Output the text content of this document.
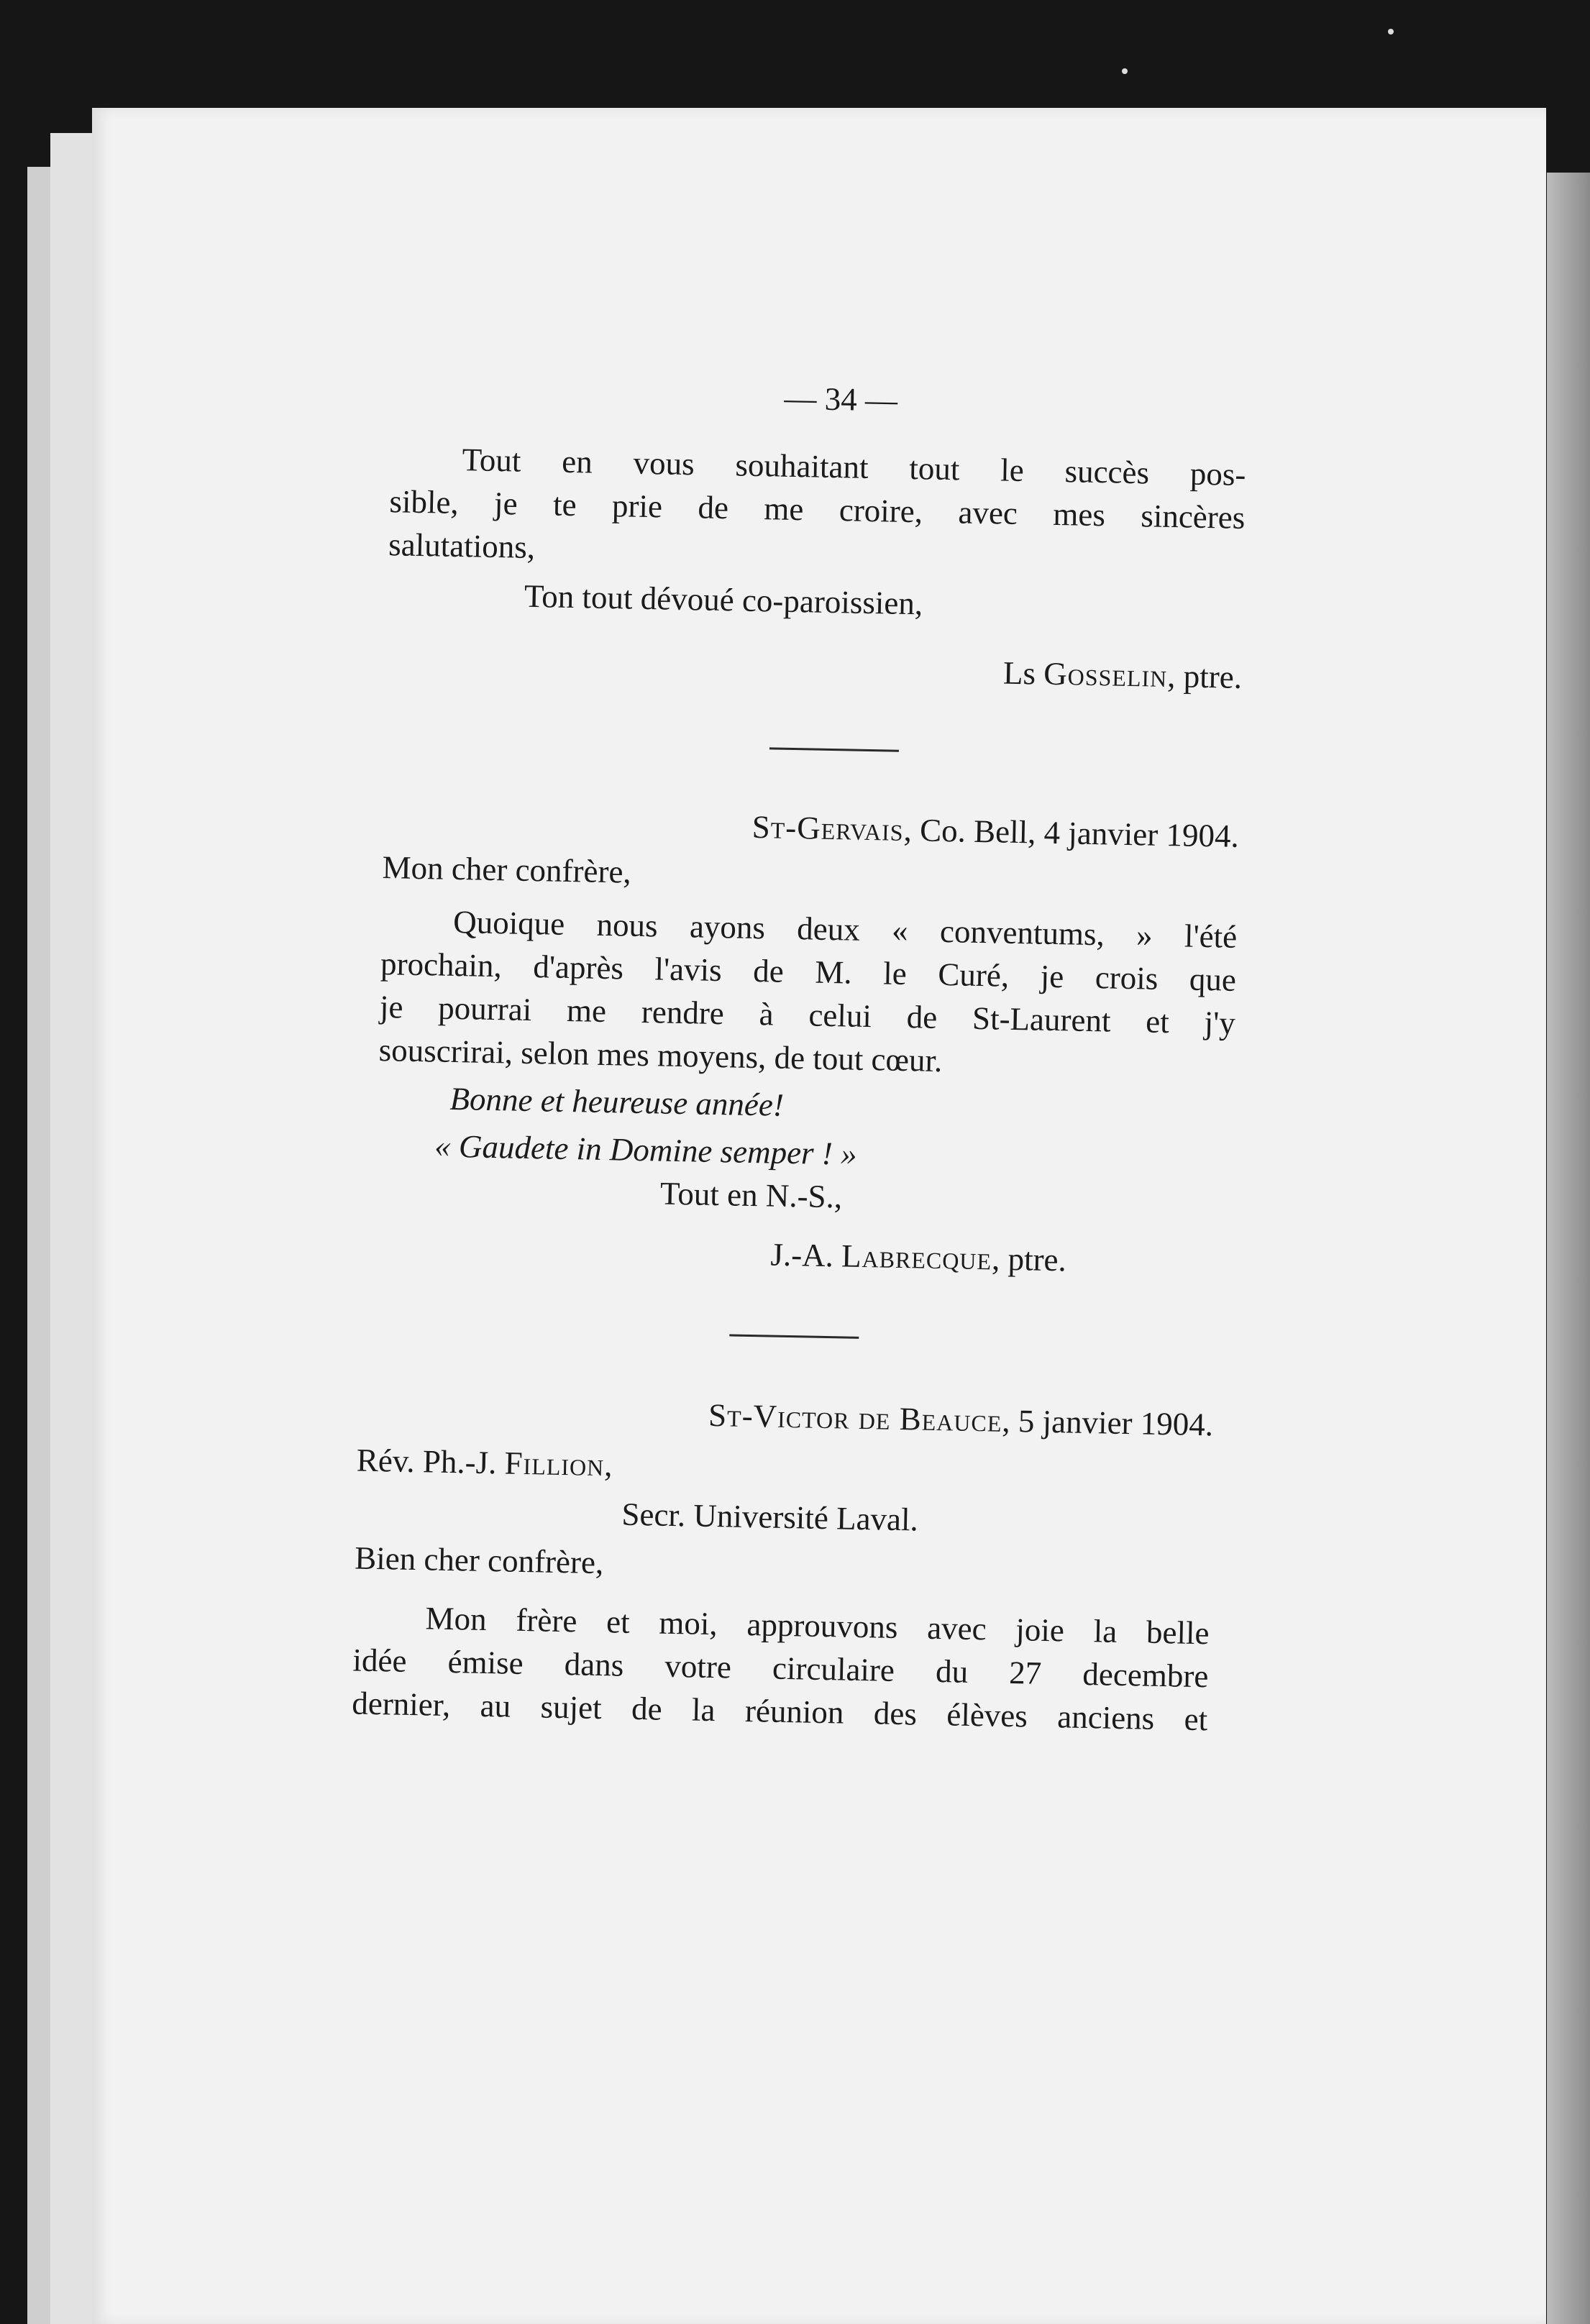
— 34 —
Tout en vous souhaitant tout le succès pos-
sible, je te prie de me croire, avec mes sincères
salutations,
Ton tout dévoué co-paroissien,
Ls Gosselin, ptre.
St-Gervais, Co. Bell, 4 janvier 1904.
Mon cher confrère,
Quoique nous ayons deux « conventums, » l'été
prochain, d'après l'avis de M. le Curé, je crois que
je pourrai me rendre à celui de St-Laurent et j'y
souscrirai, selon mes moyens, de tout cœur.
Bonne et heureuse année!
« Gaudete in Domine semper ! »
Tout en N.-S.,
J.-A. Labrecque, ptre.
St-Victor de Beauce, 5 janvier 1904.
Rév. Ph.-J. Fillion,
Secr. Université Laval.
Bien cher confrère,
Mon frère et moi, approuvons avec joie la belle
idée émise dans votre circulaire du 27 decembre
dernier, au sujet de la réunion des élèves anciens et
